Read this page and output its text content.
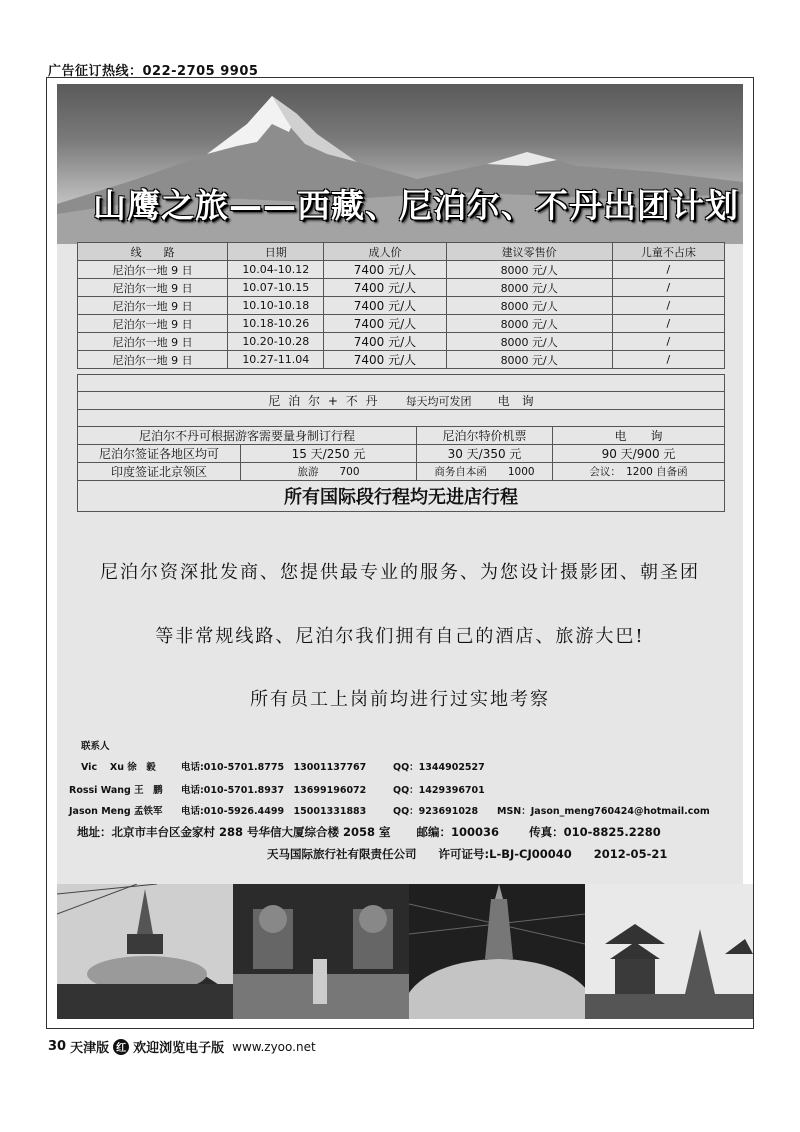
广告征订热线：022-2705 9905
山鹰之旅——西藏、尼泊尔、不丹出团计划
线　　路	日期	成人价	建议零售价	儿童不占床
尼泊尔一地 9 日	10.04-10.12	7400 元/人	8000 元/人	/
尼泊尔一地 9 日	10.07-10.15	7400 元/人	8000 元/人	/
尼泊尔一地 9 日	10.10-10.18	7400 元/人	8000 元/人	/
尼泊尔一地 9 日	10.18-10.26	7400 元/人	8000 元/人	/
尼泊尔一地 9 日	10.20-10.28	7400 元/人	8000 元/人	/
尼泊尔一地 9 日	10.27-11.04	7400 元/人	8000 元/人	/
尼 泊 尔 + 不 丹 每天均可发团 电　询
尼泊尔不丹可根据游客需要量身制订行程	尼泊尔特价机票	电　　询
尼泊尔签证各地区均可	15 天/250 元	30 天/350 元	90 天/900 元
印度签证北京领区	旅游　　700	商务自本函　　1000	会议：　1200 自备函
所有国际段行程均无进店行程
尼泊尔资深批发商、您提供最专业的服务、为您设计摄影团、朝圣团
等非常规线路、尼泊尔我们拥有自己的酒店、旅游大巴!
所有员工上岗前均进行过实地考察
联系人
Vic　 Xu 徐　毅	电话:010-5701.8775　13001137767	QQ：1344902527
Rossi Wang 王　鹏 电话:010-5701.8937　13699196072	QQ：1429396701
Jason Meng 孟铁军 电话:010-5926.4499　15001331883	QQ：923691028 MSN：Jason_meng760424@hotmail.com
地址：北京市丰台区金家村 288 号华信大厦综合楼 2058 室 邮编：100036	传真：010-8825.2280
天马国际旅行社有限责任公司 许可证号:L-BJ-CJ00040 2012-05-21
30 天津版 红 欢迎浏览电子版 www.zyoo.net
